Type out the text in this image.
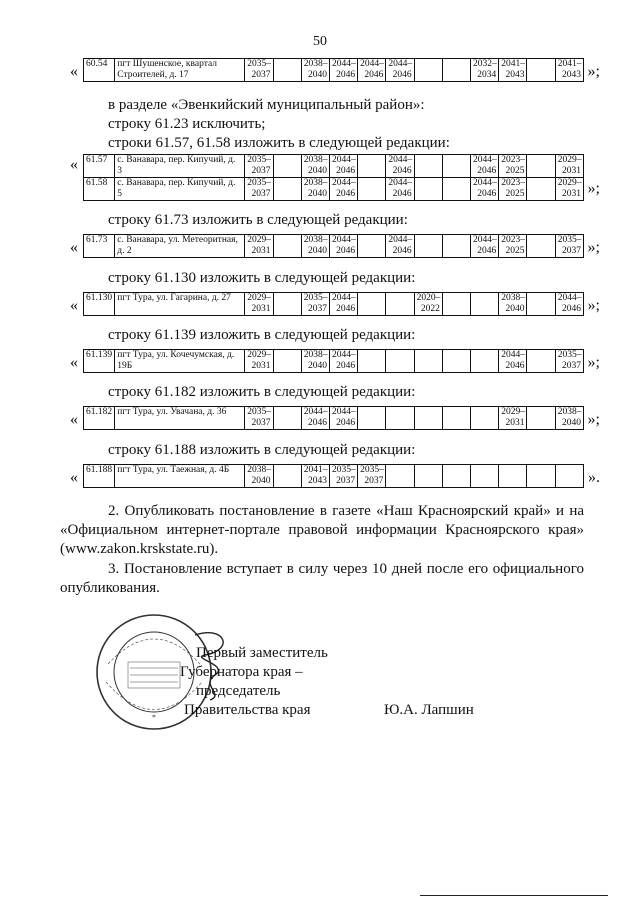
50
« 60.54	пгт Шушенское, квартал Строителей, д. 17	2035–2037		2038–2040	2044–2046	2044–2046	2044–2046			2032–2034	2041–2043		2041–2043 »;
в разделе «Эвенкийский муниципальный район»:
строку 61.23 исключить;
строки 61.57, 61.58 изложить в следующей редакции:
« 61.57	с. Ванавара, пер. Кипучий, д. 3	2035–2037		2038–2040	2044–2046		2044–2046			2044–2046	2023–2025		2029–2031
61.58	с. Ванавара, пер. Кипучий, д. 5	2035–2037		2038–2040	2044–2046		2044–2046			2044–2046	2023–2025		2029–2031 »;
строку 61.73 изложить в следующей редакции:
« 61.73	с. Ванавара, ул. Метеоритная, д. 2	2029–2031		2038–2040	2044–2046		2044–2046			2044–2046	2023–2025		2035–2037 »;
строку 61.130 изложить в следующей редакции:
« 61.130	пгт Тура, ул. Гагарина, д. 27	2029–2031		2035–2037	2044–2046			2020–2022			2038–2040		2044–2046 »;
строку 61.139 изложить в следующей редакции:
« 61.139	пгт Тура, ул. Кочечумская, д. 19Б	2029–2031		2038–2040	2044–2046						2044–2046		2035–2037 »;
строку 61.182 изложить в следующей редакции:
« 61.182	пгт Тура, ул. Увачана, д. 36	2035–2037		2044–2046	2044–2046						2029–2031		2038–2040 »;
строку 61.188 изложить в следующей редакции:
« 61.188	пгт Тура, ул. Таежная, д. 4Б	2038–2040		2041–2043	2035–2037	2035–2037								».
2. Опубликовать постановление в газете «Наш Красноярский край» и на «Официальном интернет-портале правовой информации Красноярского края» (www.zakon.krskstate.ru).
3. Постановление вступает в силу через 10 дней после его официального опубликования.
*
Первый заместитель
Губернатора края –
председатель
Правительства края	Ю.А. Лапшин
